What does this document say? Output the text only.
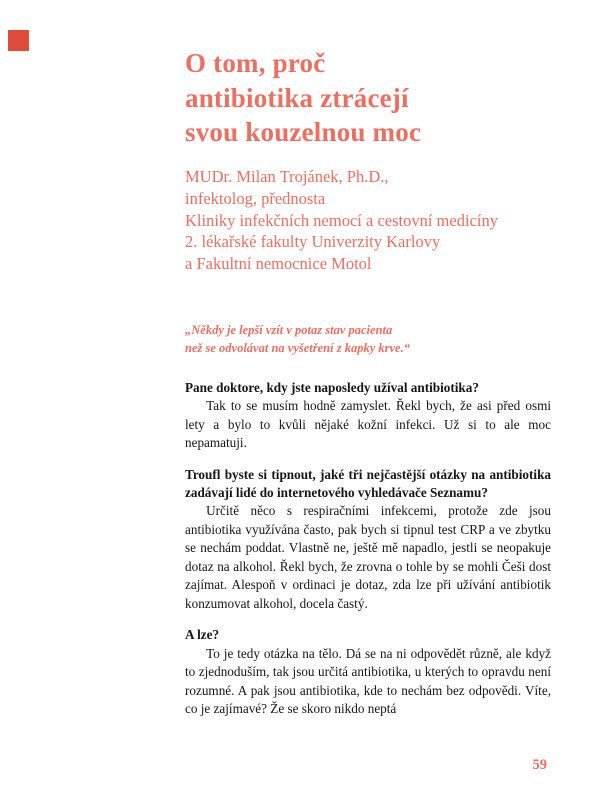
O tom, proč
antibiotika ztrácejí
svou kouzelnou moc
MUDr. Milan Trojánek, Ph.D.,
infektolog, přednosta
Kliniky infekčních nemocí a cestovní medicíny
2. lékařské fakulty Univerzity Karlovy
a Fakultní nemocnice Motol
„Někdy je lepší vzít v potaz stav pacienta
než se odvolávat na vyšetření z kapky krve.“

Pane doktore, kdy jste naposledy užíval antibiotika?

Tak to se musím hodně zamyslet. Řekl bych, že asi před osmi lety a bylo to kvůli nějaké kožní infekci. Už si to ale moc nepamatuji.

Troufl byste si tipnout, jaké tři nejčastější otázky na antibiotika zadávají lidé do internetového vyhledávače Seznamu?

Určitě něco s respiračními infekcemi, protože zde jsou antibiotika využívána často, pak bych si tipnul test CRP a ve zbytku se nechám poddat. Vlastně ne, ještě mě napadlo, jestli se neopakuje dotaz na alkohol. Řekl bych, že zrovna o tohle by se mohli Češi dost zajímat. Alespoň v ordinaci je dotaz, zda lze při užívání antibiotik konzumovat alkohol, docela častý.

A lze?

To je tedy otázka na tělo. Dá se na ni odpovědět různě, ale když to zjednoduším, tak jsou určitá antibiotika, u kterých to opravdu není rozumné. A pak jsou antibiotika, kde to nechám bez odpovědi. Víte, co je zajímavé? Že se skoro nikdo neptá

59
